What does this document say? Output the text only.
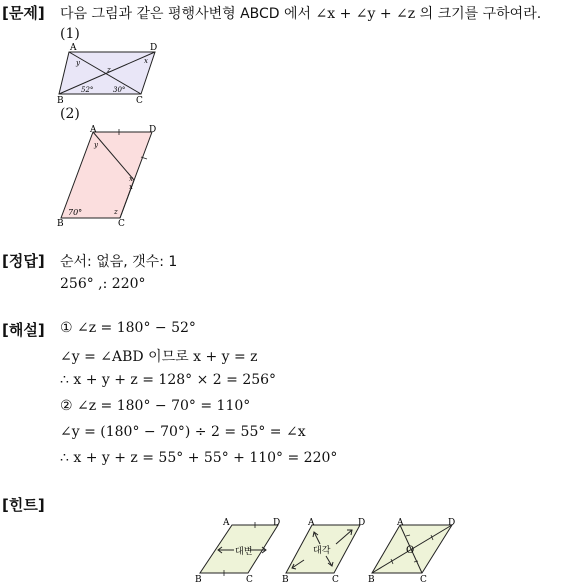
[문제] 다음 그림과 같은 평행사변형 ABCD 에서 ∠x + ∠y + ∠z 의 크기를 구하여라.
(1)
A
B	C
D
y
z
x
52°	30°
(2)
A
B	C
D
y
x
x
70°	z
[정답] 순서: 없음, 갯수: 1
256° ,: 220°
[해설] ① ∠z = 180° − 52°
∠y = ∠ABD 이므로 x + y = z
∴ x + y + z = 128° × 2 = 256°
② ∠z = 180° − 70° = 110°
∠y = (180° − 70°) ÷ 2 = 55° = ∠x
∴ x + y + z = 55° + 55° + 110° = 220°
[힌트]
대변
A	D
B	C
대각
A	D
B	C
O
A	D
B	C
